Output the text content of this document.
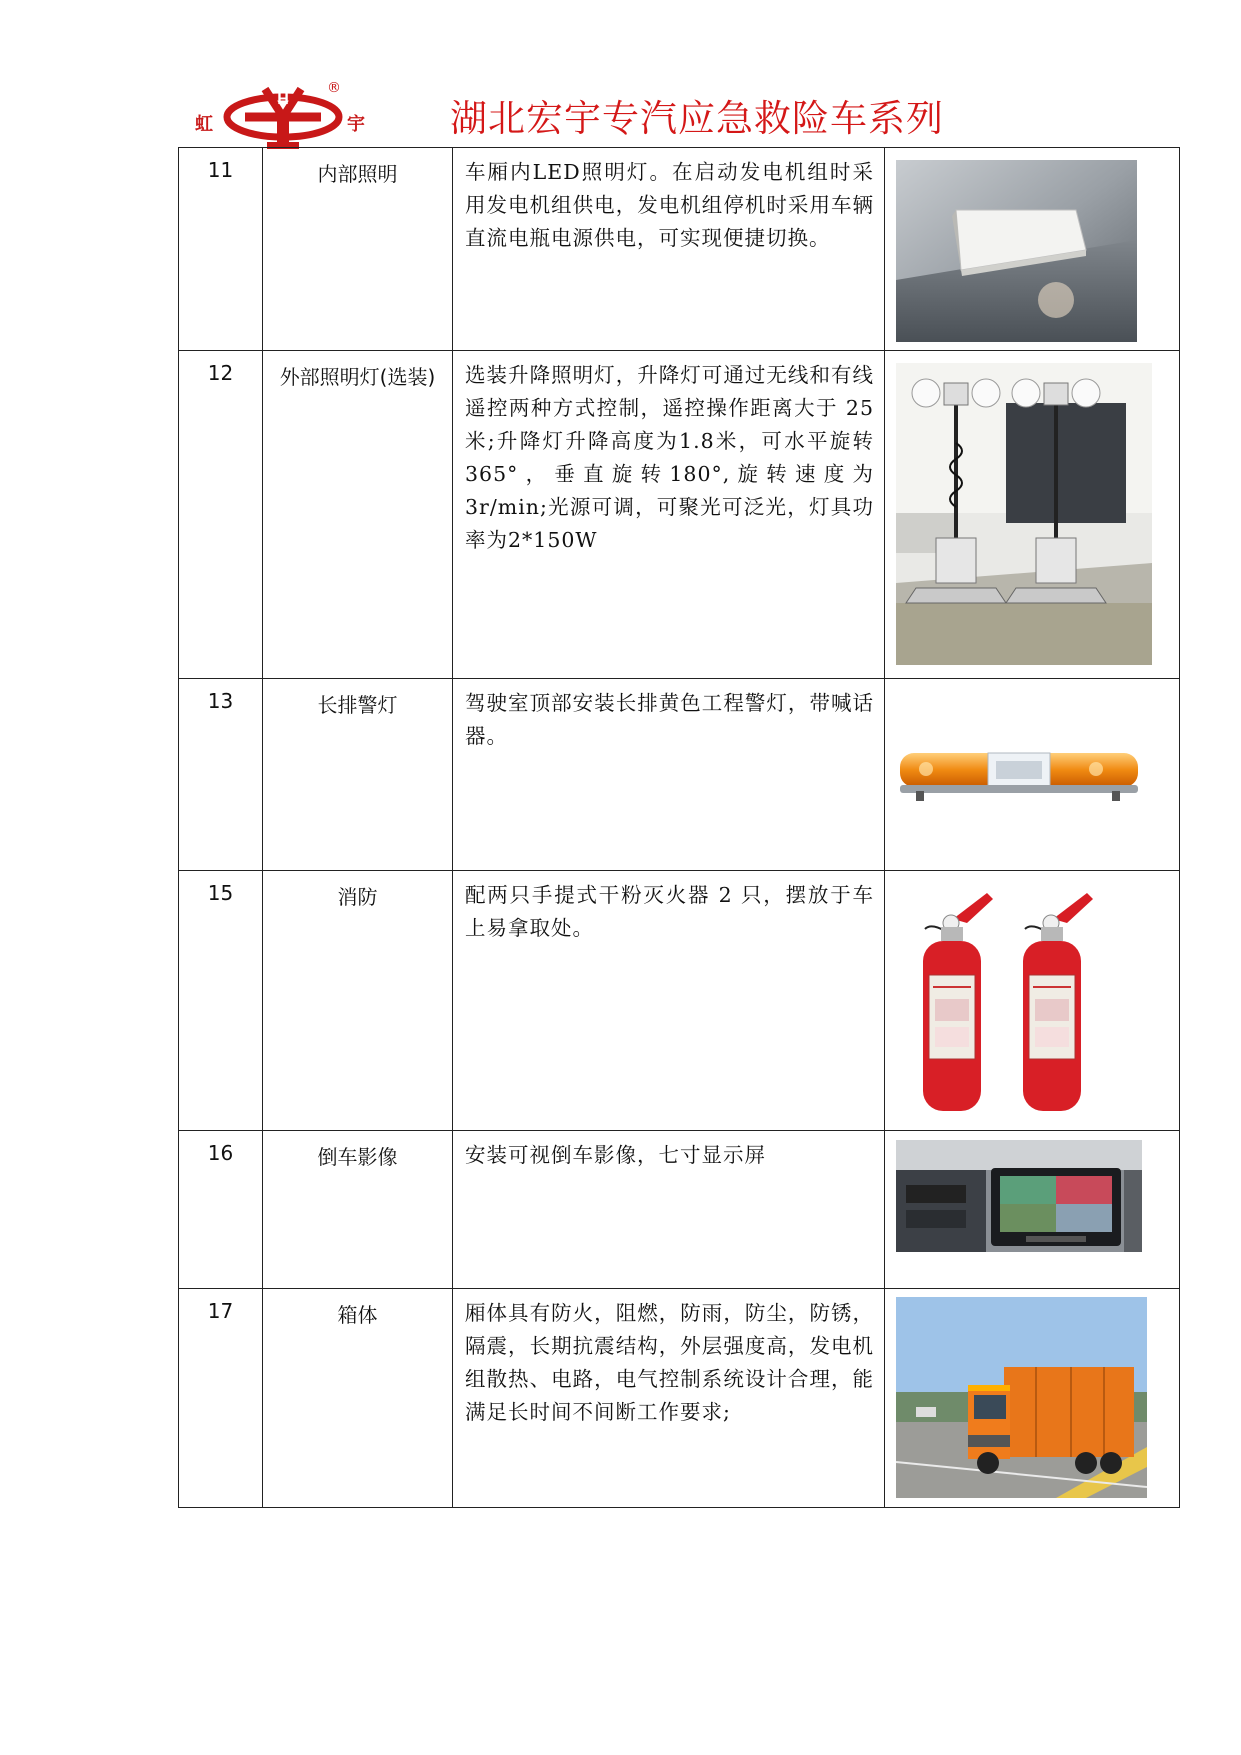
虹
H
®
宇 湖北宏宇专汽应急救险车系列
11	内部照明	车厢内LED照明灯。在启动发电机组时采用发电机组供电，发电机组停机时采用车辆直流电瓶电源供电，可实现便捷切换。
12	外部照明灯(选装)	选装升降照明灯，升降灯可通过无线和有线遥控两种方式控制，遥控操作距离大于 25 米;升降灯升降高度为1.8米，可水平旋转365°，垂直旋转180°,旋转速度为3r/min;光源可调，可聚光可泛光，灯具功率为2*150W
13	长排警灯	驾驶室顶部安装长排黄色工程警灯，带喊话器。
15	消防	配两只手提式干粉灭火器 2 只，摆放于车上易拿取处。
16	倒车影像	安装可视倒车影像，七寸显示屏
17	箱体	厢体具有防火，阻燃，防雨，防尘，防锈，隔震，长期抗震结构，外层强度高，发电机组散热、电路，电气控制系统设计合理，能满足长时间不间断工作要求;
